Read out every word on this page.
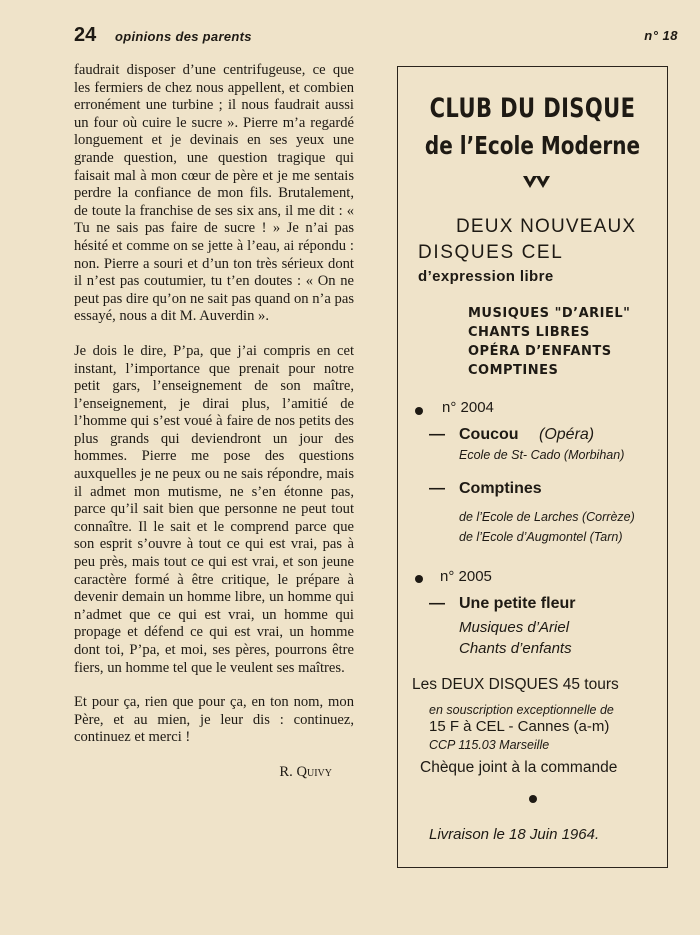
24 opinions des parents	n° 18

faudrait disposer d’une centrifugeuse, ce que les fermiers de chez nous appellent, et combien erronément une turbine ; il nous faudrait aussi un four où cuire le sucre ». Pierre m’a regardé longuement et je devinais en ses yeux une grande question, une question tragique qui faisait mal à mon cœur de père et je me sentais perdre la confiance de mon fils. Brutalement, de toute la franchise de ses six ans, il me dit : « Tu ne sais pas faire de sucre ! » Je n’ai pas hésité et comme on se jette à l’eau, ai répondu : non. Pierre a souri et d’un ton très sérieux dont il n’est pas coutumier, tu t’en doutes : « On ne peut pas dire qu’on ne sait pas quand on n’a pas essayé, nous a dit M. Auverdin ».

Je dois le dire, P’pa, que j’ai compris en cet instant, l’importance que prenait pour notre petit gars, l’enseignement de son maître, l’enseignement, je dirai plus, l’amitié de l’homme qui s’est voué à faire de nos petits des plus grands qui deviendront un jour des hommes. Pierre me pose des questions auxquelles je ne peux ou ne sais répondre, mais il admet mon mutisme, ne s’en étonne pas, parce qu’il sait bien que personne ne peut tout connaître. Il le sait et le comprend parce que son esprit s’ouvre à tout ce qui est vrai, pas à peu près, mais tout ce qui est vrai, et son jeune caractère formé à être critique, le prépare à devenir demain un homme libre, un homme qui n’admet que ce qui est vrai, un homme qui propage et défend ce qui est vrai, un homme dont toi, P’pa, et moi, ses pères, pourrons être fiers, un homme tel que le veulent ses maîtres.

Et pour ça, rien que pour ça, en ton nom, mon Père, et au mien, je leur dis : continuez, continuez et merci !

R. Quivy

CLUB DU DISQUE
de l’Ecole Moderne
DEUX NOUVEAUX
DISQUES CEL
d’expression libre
MUSIQUES "D’ARIEL"
CHANTS LIBRES
OPÉRA D’ENFANTS
COMPTINES
n° 2004
— Coucou (Opéra)
Ecole de St- Cado (Morbihan)
— Comptines
de l’Ecole de Larches (Corrèze)
de l’Ecole d’Augmontel (Tarn)
n° 2005
— Une petite fleur
Musiques d’Ariel
Chants d’enfants
Les DEUX DISQUES 45 tours
en souscription exceptionnelle de
15 F à CEL - Cannes (a-m)
CCP 115.03 Marseille
Chèque joint à la commande
Livraison le 18 Juin 1964.
